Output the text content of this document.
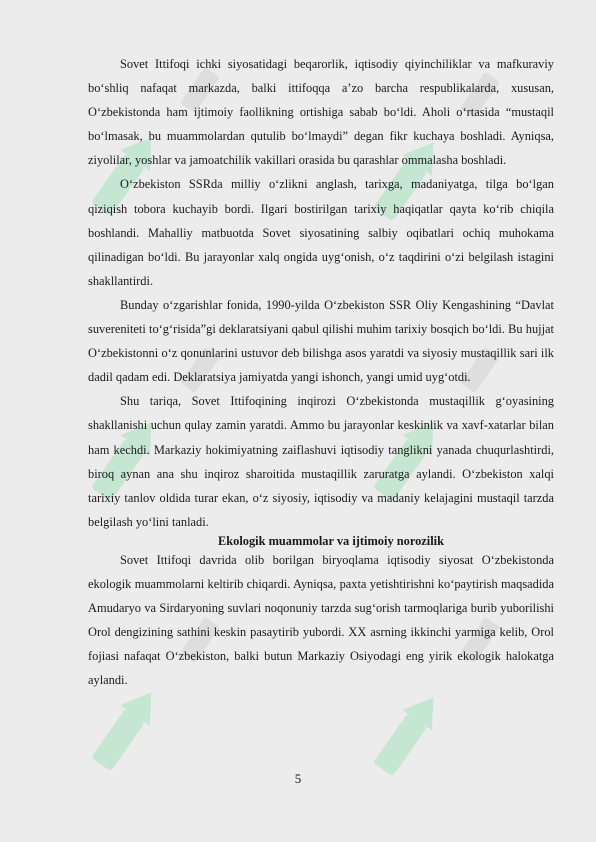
Sovet Ittifoqi ichki siyosatidagi beqarorlik, iqtisodiy qiyinchiliklar va mafkuraviy bo‘shliq nafaqat markazda, balki ittifoqqa a’zo barcha respublikalarda, xususan, O‘zbekistonda ham ijtimoiy faollikning ortishiga sabab bo‘ldi. Aholi o‘rtasida “mustaqil bo‘lmasak, bu muammolardan qutulib bo‘lmaydi” degan fikr kuchaya boshladi. Ayniqsa, ziyolilar, yoshlar va jamoatchilik vakillari orasida bu qarashlar ommalasha boshladi.

O‘zbekiston SSRda milliy o‘zlikni anglash, tarixga, madaniyatga, tilga bo‘lgan qiziqish tobora kuchayib bordi. Ilgari bostirilgan tarixiy haqiqatlar qayta ko‘rib chiqila boshlandi. Mahalliy matbuotda Sovet siyosatining salbiy oqibatlari ochiq muhokama qilinadigan bo‘ldi. Bu jarayonlar xalq ongida uyg‘onish, o‘z taqdirini o‘zi belgilash istagini shakllantirdi.

Bunday o‘zgarishlar fonida, 1990-yilda O‘zbekiston SSR Oliy Kengashining “Davlat suvereniteti to‘g‘risida”gi deklaratsiyani qabul qilishi muhim tarixiy bosqich bo‘ldi. Bu hujjat O‘zbekistonni o‘z qonunlarini ustuvor deb bilishga asos yaratdi va siyosiy mustaqillik sari ilk dadil qadam edi. Deklaratsiya jamiyatda yangi ishonch, yangi umid uyg‘otdi.

Shu tariqa, Sovet Ittifoqining inqirozi O‘zbekistonda mustaqillik g‘oyasining shakllanishi uchun qulay zamin yaratdi. Ammo bu jarayonlar keskinlik va xavf-xatarlar bilan ham kechdi. Markaziy hokimiyatning zaiflashuvi iqtisodiy tanglikni yanada chuqurlashtirdi, biroq aynan ana shu inqiroz sharoitida mustaqillik zaruratga aylandi. O‘zbekiston xalqi tarixiy tanlov oldida turar ekan, o‘z siyosiy, iqtisodiy va madaniy kelajagini mustaqil tarzda belgilash yo‘lini tanladi.

Ekologik muammolar va ijtimoiy norozilik

Sovet Ittifoqi davrida olib borilgan biryoqlama iqtisodiy siyosat O‘zbekistonda ekologik muammolarni keltirib chiqardi. Ayniqsa, paxta yetishtirishni ko‘paytirish maqsadida Amudaryo va Sirdaryoning suvlari noqonuniy tarzda sug‘orish tarmoqlariga burib yuborilishi Orol dengizining sathini keskin pasaytirib yubordi. XX asrning ikkinchi yarmiga kelib, Orol fojiasi nafaqat O‘zbekiston, balki butun Markaziy Osiyodagi eng yirik ekologik halokatga aylandi.

5
